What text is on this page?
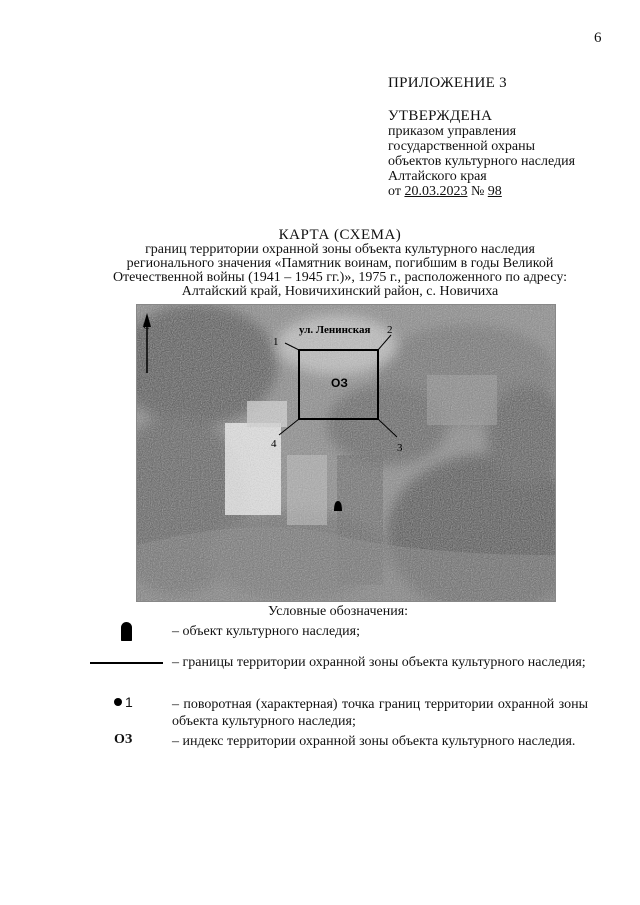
6
ПРИЛОЖЕНИЕ 3
УТВЕРЖДЕНА
приказом управления
государственной охраны
объектов культурного наследия
Алтайского края
от 20.03.2023 № 98
КАРТА (СХЕМА)
границ территории охранной зоны объекта культурного наследия
регионального значения «Памятник воинам, погибшим в годы Великой
Отечественной войны (1941 – 1945 гг.)», 1975 г., расположенного по адресу:
Алтайский край, Новичихинский район, с. Новичиха
С	ул. Ленинская
1
2
3
4
ОЗ
Условные обозначения:
– объект культурного наследия;
– границы территории охранной зоны объекта культурного наследия;
1	– поворотная (характерная) точка границ территории охранной зоны объекта культурного наследия;
ОЗ	– индекс территории охранной зоны объекта культурного наследия.
